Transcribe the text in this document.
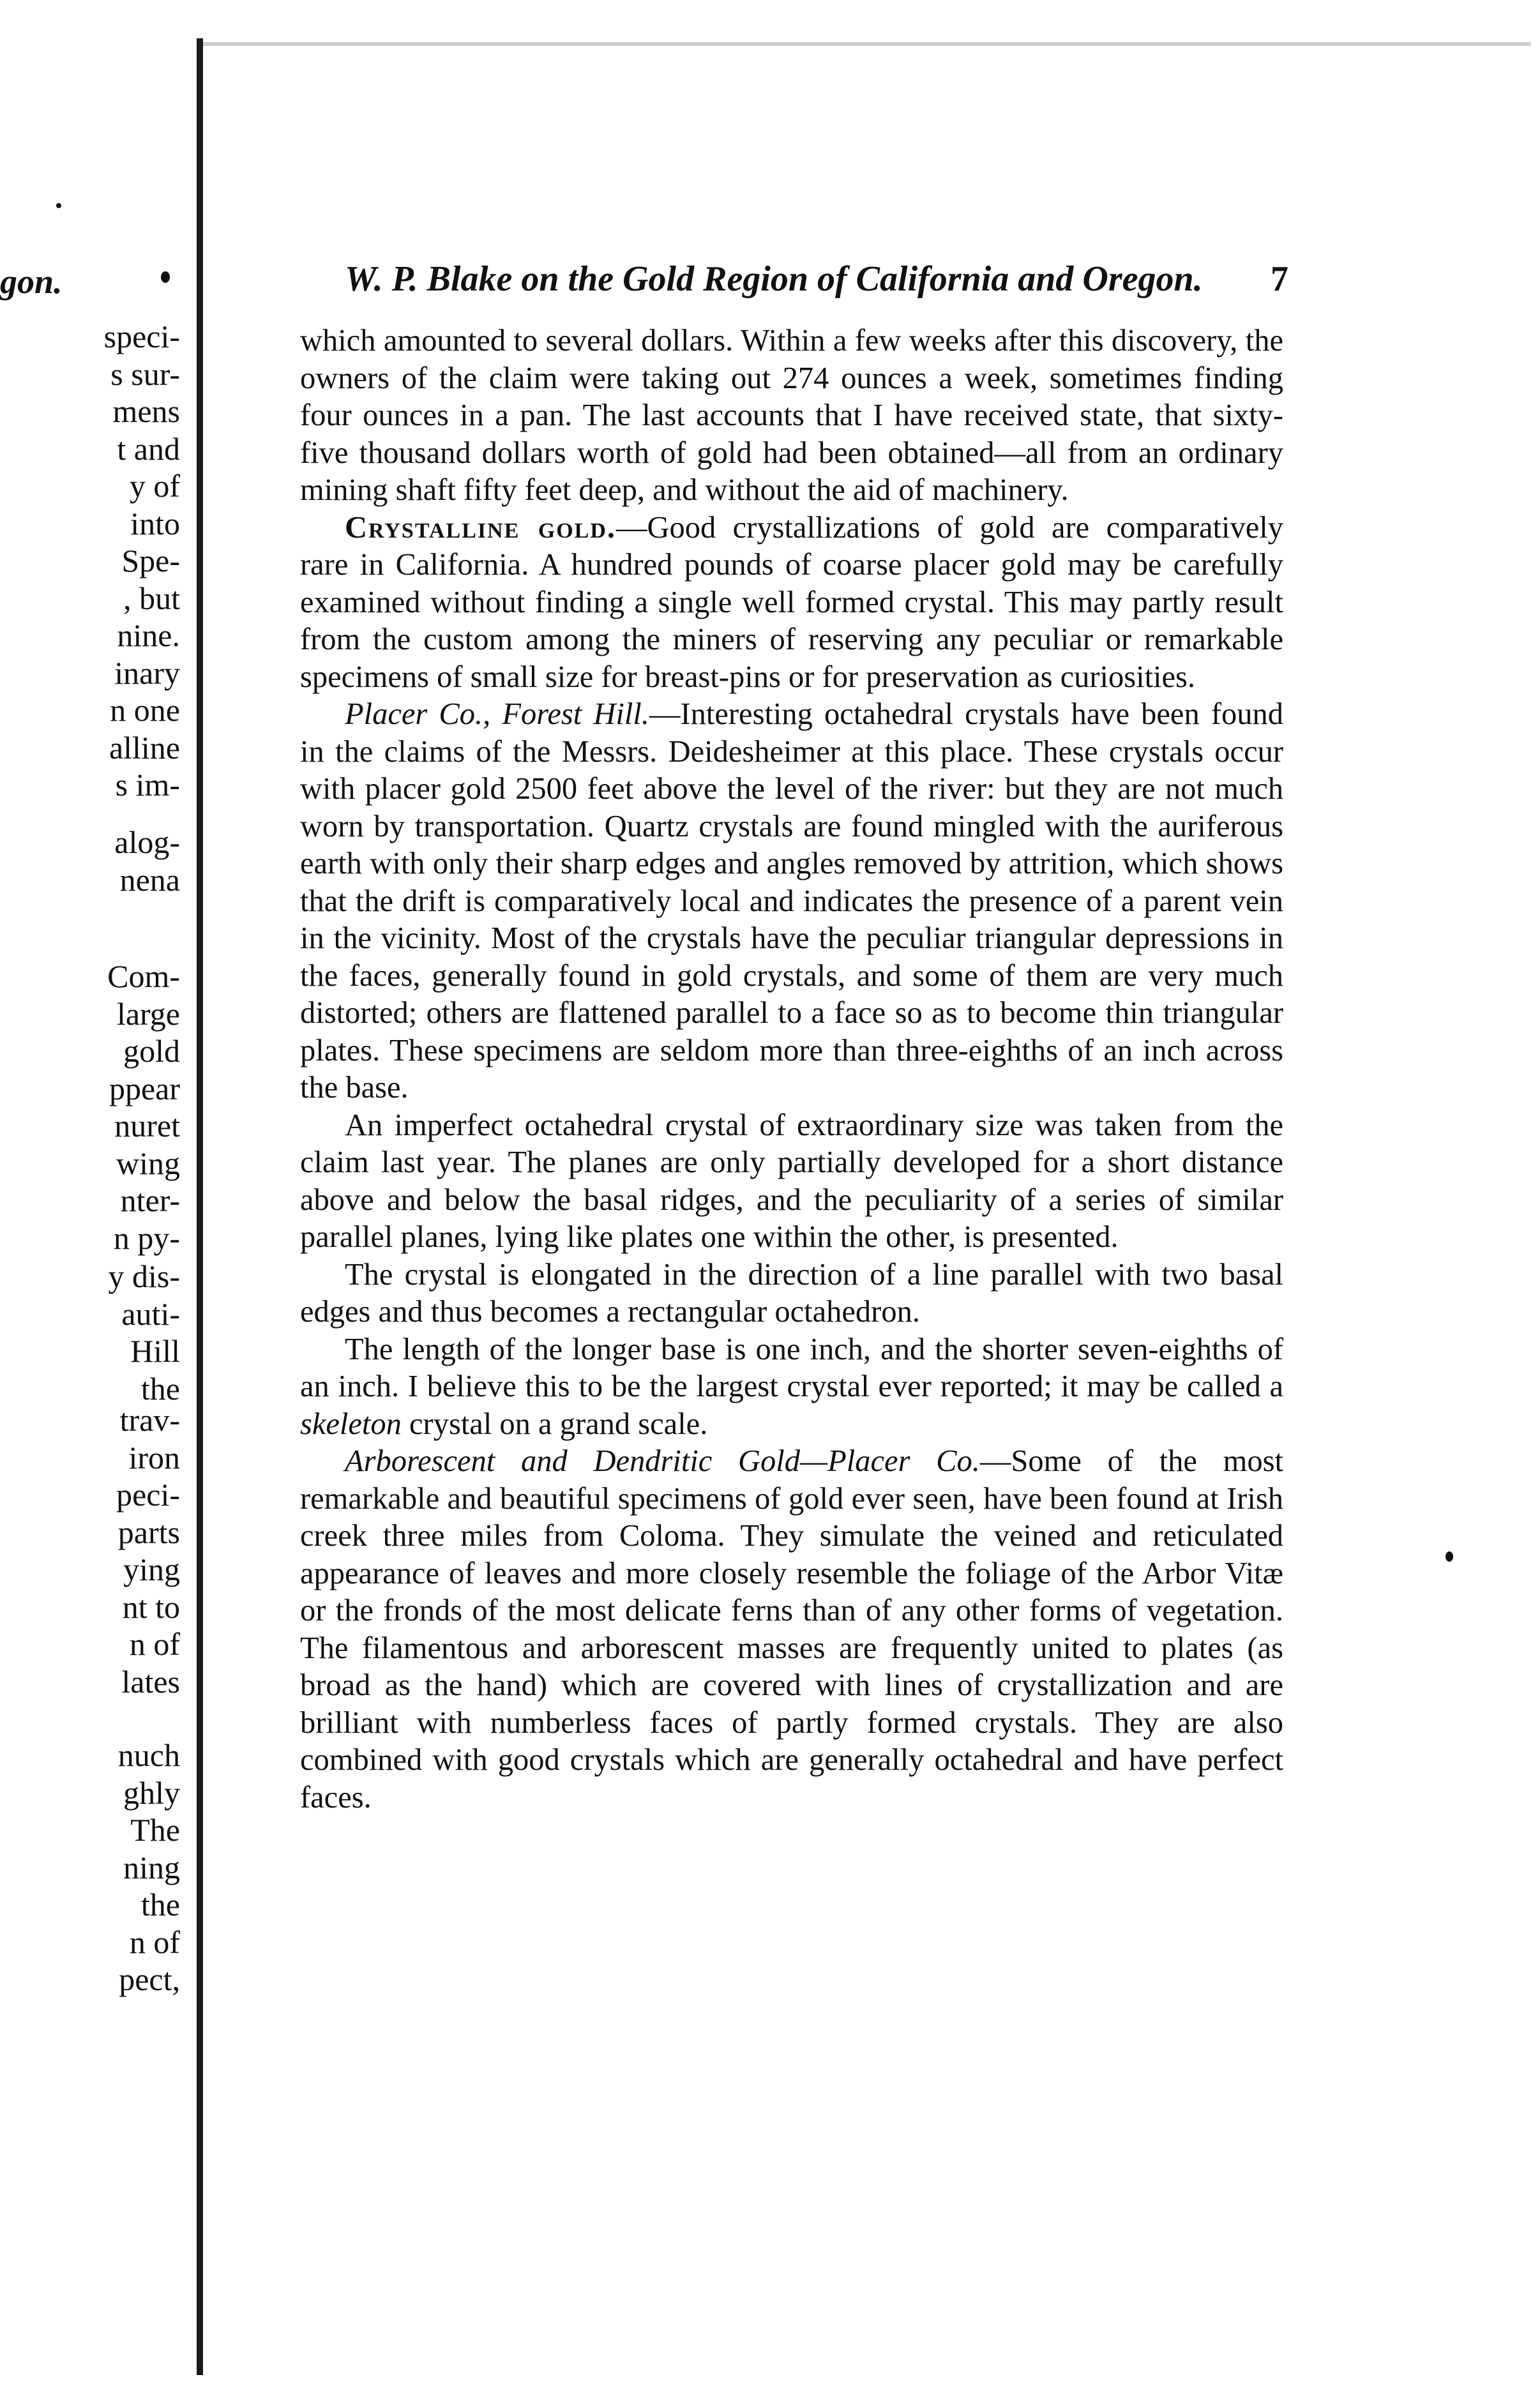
gon.
speci-
s sur-
mens
t and
y of
into
Spe-
, but
nine.
inary
n one
alline
s im-
alog-
nena
Com-
large
gold
ppear
nuret
wing
nter-
n py-
y dis-
auti-
Hill
the
trav-
iron
peci-
parts
ying
nt to
n of
lates
nuch
ghly
The
ning
the
n of
pect,
W. P. Blake on the Gold Region of California and Oregon.	7

which amounted to several dollars. Within a few weeks after this discovery, the owners of the claim were taking out 274 ounces a week, sometimes finding four ounces in a pan. The last accounts that I have received state, that sixty-five thousand dollars worth of gold had been obtained—all from an ordinary mining shaft fifty feet deep, and without the aid of machinery.

Crystalline gold.—Good crystallizations of gold are comparatively rare in California. A hundred pounds of coarse placer gold may be carefully examined without finding a single well formed crystal. This may partly result from the custom among the miners of reserving any peculiar or remarkable specimens of small size for breast-pins or for preservation as curiosities.

Placer Co., Forest Hill.—Interesting octahedral crystals have been found in the claims of the Messrs. Deidesheimer at this place. These crystals occur with placer gold 2500 feet above the level of the river: but they are not much worn by transportation. Quartz crystals are found mingled with the auriferous earth with only their sharp edges and angles removed by attrition, which shows that the drift is comparatively local and indicates the presence of a parent vein in the vicinity. Most of the crystals have the peculiar triangular depressions in the faces, generally found in gold crystals, and some of them are very much distorted; others are flattened parallel to a face so as to become thin triangular plates. These specimens are seldom more than three-eighths of an inch across the base.

An imperfect octahedral crystal of extraordinary size was taken from the claim last year. The planes are only partially developed for a short distance above and below the basal ridges, and the peculiarity of a series of similar parallel planes, lying like plates one within the other, is presented.

The crystal is elongated in the direction of a line parallel with two basal edges and thus becomes a rectangular octahedron.

The length of the longer base is one inch, and the shorter seven-eighths of an inch. I believe this to be the largest crystal ever reported; it may be called a skeleton crystal on a grand scale.

Arborescent and Dendritic Gold—Placer Co.—Some of the most remarkable and beautiful specimens of gold ever seen, have been found at Irish creek three miles from Coloma. They simulate the veined and reticulated appearance of leaves and more closely resemble the foliage of the Arbor Vitæ or the fronds of the most delicate ferns than of any other forms of vegetation. The filamentous and arborescent masses are frequently united to plates (as broad as the hand) which are covered with lines of crystallization and are brilliant with numberless faces of partly formed crystals. They are also combined with good crystals which are generally octahedral and have perfect faces.
